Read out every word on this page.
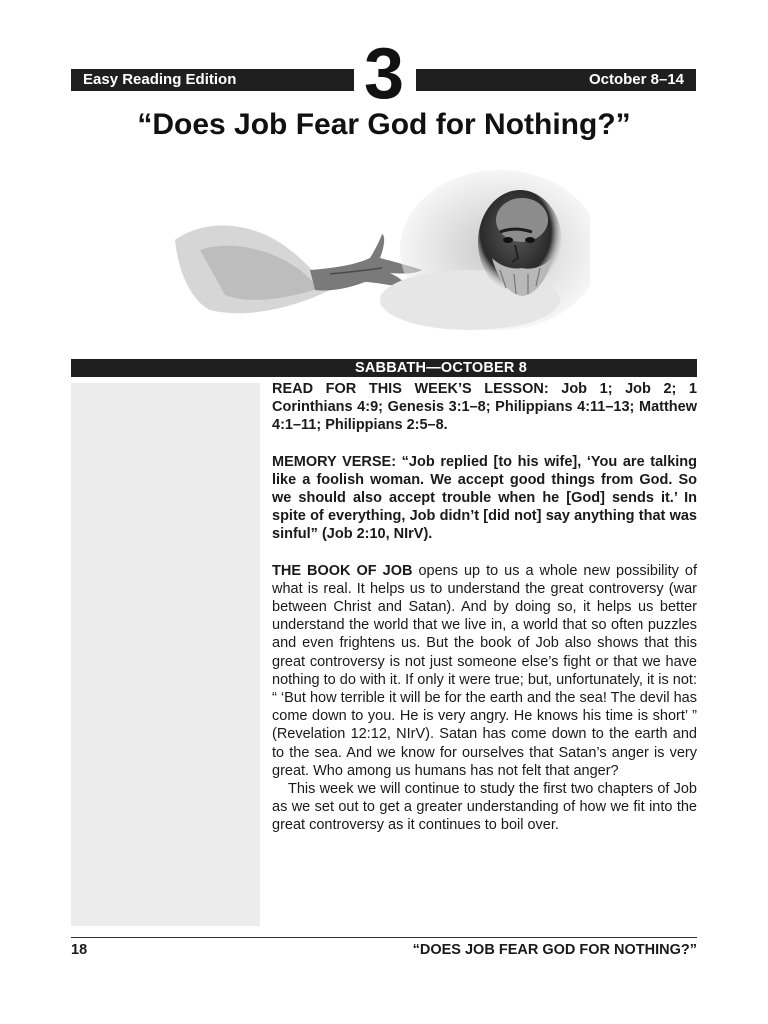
Easy Reading Edition	3	October 8–14
“Does Job Fear God for Nothing?”
SABBATH—OCTOBER 8

READ FOR THIS WEEK’S LESSON: Job 1; Job 2; 1 Corinthians 4:9; Genesis 3:1–8; Philippians 4:11–13; Matthew 4:1–11; Philippians 2:5–8.

MEMORY VERSE: “Job replied [to his wife], ‘You are talking like a foolish woman. We accept good things from God. So we should also accept trouble when he [God] sends it.’ In spite of everything, Job didn’t [did not] say anything that was sinful” (Job 2:10, NIrV).

THE BOOK OF JOB opens up to us a whole new possibility of what is real. It helps us to understand the great controversy (war between Christ and Satan). And by doing so, it helps us better understand the world that we live in, a world that so often puzzles and even frightens us. But the book of Job also shows that this great controversy is not just someone else’s fight or that we have nothing to do with it. If only it were true; but, unfortunately, it is not: “ ‘But how terrible it will be for the earth and the sea! The devil has come down to you. He is very angry. He knows his time is short’ ” (Revelation 12:12, NIrV). Satan has come down to the earth and to the sea. And we know for ourselves that Satan’s anger is very great. Who among us humans has not felt that anger?

This week we will continue to study the first two chapters of Job as we set out to get a greater understanding of how we fit into the great controversy as it continues to boil over.

18	“DOES JOB FEAR GOD FOR NOTHING?”
